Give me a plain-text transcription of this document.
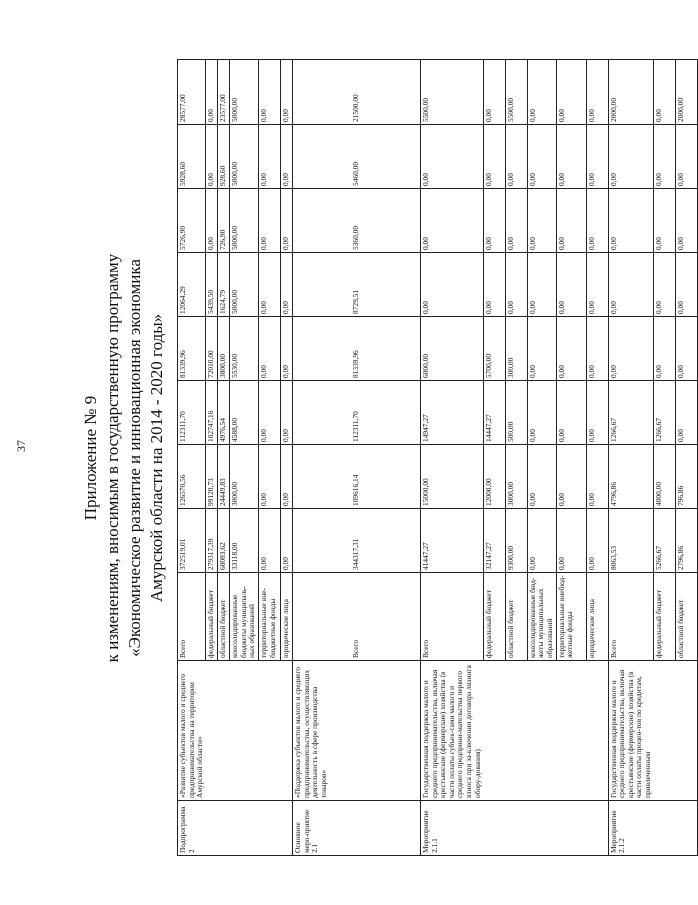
37	Приложение № 9 к изменениям, вносимым в государственную программу «Экономическое развитие и инновационная экономика Амурской области на 2014 - 2020 годы»
Подпрограмма 2	«Развитие субъектов малого и среднего предпринимательства на территории Амурской области»	Всего	372519,01	126570,56	112311,70	81339,96	12064,29	5726,90	5928,60	28577,00
		федеральный бюджет	279317,39	99120,73	102747,16	72010,00	5439,50	0,00	0,00	0,00
		областной бюджет	60083,62	24449,83	4976,54	3800,00	1624,79	726,90	928,60	23577,00
		консолидированные бюджеты муниципаль-ных образований	33118,00	3000,00	4588,00	5530,00	5000,00	5000,00	5000,00	5000,00
		территориальные вне-бюджетные фонды	0,00	0,00	0,00	0,00	0,00	0,00	0,00	0,00
		юридические лица	0,00	0,00	0,00	0,00	0,00	0,00	0,00	0,00
Основное меро-приятие 2.1	«Поддержка субъектов малого и среднего предпринимательства, осуществляющих деятельность в сфере производства товаров»	Всего	344317,31	109616,14	112311,70	81339,96	8729,51	5360,00	5460,00	21500,00
Мероприятие 2.1.1	Государственная поддержка малого и среднего предпринимательства, включая крестьянские (фермерские) хозяйства (в части оплаты субъек-тами малого и среднего предприни-мательства первого взноса при за-ключении договора лизинга обору-дования)	Всего	41447,27	15000,00	14947,27	6000,00	0,00	0,00	0,00	5500,00
		федеральный бюджет	32147,27	12000,00	14447,27	5700,00	0,00	0,00	0,00	0,00
		областной бюджет	9300,00	3000,00	500,00	300,00	0,00	0,00	0,00	5500,00
		консолидированные бюд-жеты муниципальных образований	0,00	0,00	0,00	0,00	0,00	0,00	0,00	0,00
		территориальные внебюд-жетные фонды	0,00	0,00	0,00	0,00	0,00	0,00	0,00	0,00
		юридические лица	0,00	0,00	0,00	0,00	0,00	0,00	0,00	0,00
Мероприятие 2.1.2	Государственная поддержка малого и среднего предпринимательства, включая крестьянские (фермерские) хозяйства (в части оплаты процен-тов по кредитам, привлеченным	Всего	8063,53	4796,86	1266,67	0,00	0,00	0,00	0,00	2000,00
		федеральный бюджет	5266,67	4000,00	1266,67	0,00	0,00	0,00	0,00	0,00
		областной бюджет	2796,86	796,86	0,00	0,00	0,00	0,00	0,00	2000,00
